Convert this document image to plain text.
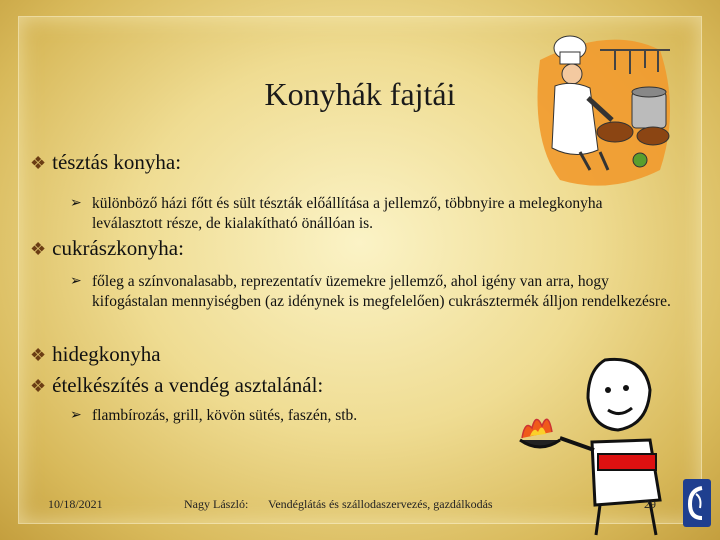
Konyhák fajtái
❖ tésztás konyha:
➢ különböző házi főtt és sült tészták előállítása a jellemző, többnyire a melegkonyha leválasztott része, de kialakítható önállóan is.
❖ cukrászkonyha:
➢ főleg a színvonalasabb, reprezentatív üzemekre jellemző, ahol igény van arra, hogy kifogástalan mennyiségben (az idénynek is megfelelően) cukrásztermék álljon rendelkezésre.
❖ hidegkonyha
❖ ételkészítés a vendég asztalánál:
➢ flambírozás, grill, kövön sütés, faszén, stb.
10/18/2021	Nagy László: Vendéglátás és szállodaszervezés, gazdálkodás	29
